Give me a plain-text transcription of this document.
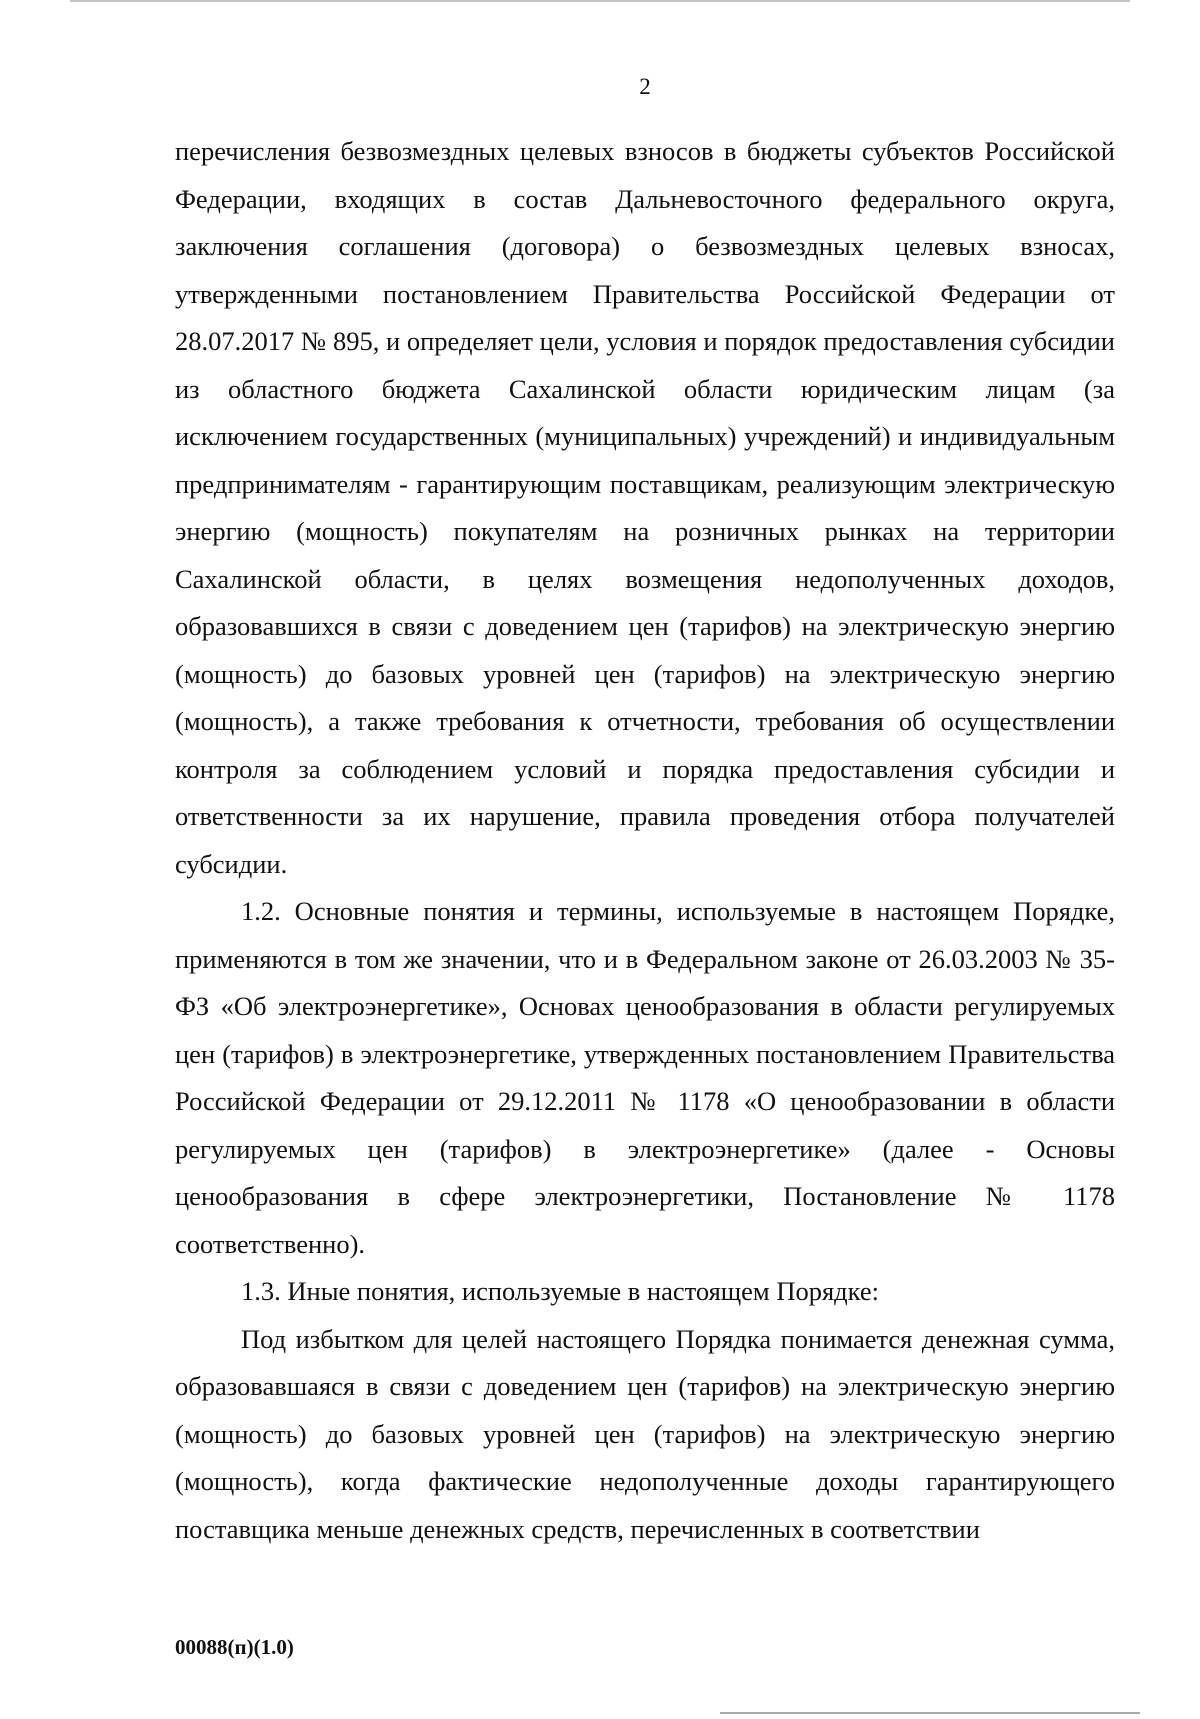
2

перечисления безвозмездных целевых взносов в бюджеты субъектов Российской Федерации, входящих в состав Дальневосточного федерального округа, заключения соглашения (договора) о безвозмездных целевых взносах, утвержденными постановлением Правительства Российской Федерации от 28.07.2017 № 895, и определяет цели, условия и порядок предоставления субсидии из областного бюджета Сахалинской области юридическим лицам (за исключением государственных (муниципальных) учреждений) и индивидуальным предпринимателям - гарантирующим поставщикам, реализующим электрическую энергию (мощность) покупателям на розничных рынках на территории Сахалинской области, в целях возмещения недополученных доходов, образовавшихся в связи с доведением цен (тарифов) на электрическую энергию (мощность) до базовых уровней цен (тарифов) на электрическую энергию (мощность), а также требования к отчетности, требования об осуществлении контроля за соблюдением условий и порядка предоставления субсидии и ответственности за их нарушение, правила проведения отбора получателей субсидии.

1.2. Основные понятия и термины, используемые в настоящем Порядке, применяются в том же значении, что и в Федеральном законе от 26.03.2003 № 35-ФЗ «Об электроэнергетике», Основах ценообразования в области регулируемых цен (тарифов) в электроэнергетике, утвержденных постановлением Правительства Российской Федерации от 29.12.2011 № 1178 «О ценообразовании в области регулируемых цен (тарифов) в электроэнергетике» (далее - Основы ценообразования в сфере электроэнергетики, Постановление № 1178 соответственно).

1.3. Иные понятия, используемые в настоящем Порядке:

Под избытком для целей настоящего Порядка понимается денежная сумма, образовавшаяся в связи с доведением цен (тарифов) на электрическую энергию (мощность) до базовых уровней цен (тарифов) на электрическую энергию (мощность), когда фактические недополученные доходы гарантирующего поставщика меньше денежных средств, перечисленных в соответствии

00088(п)(1.0)
